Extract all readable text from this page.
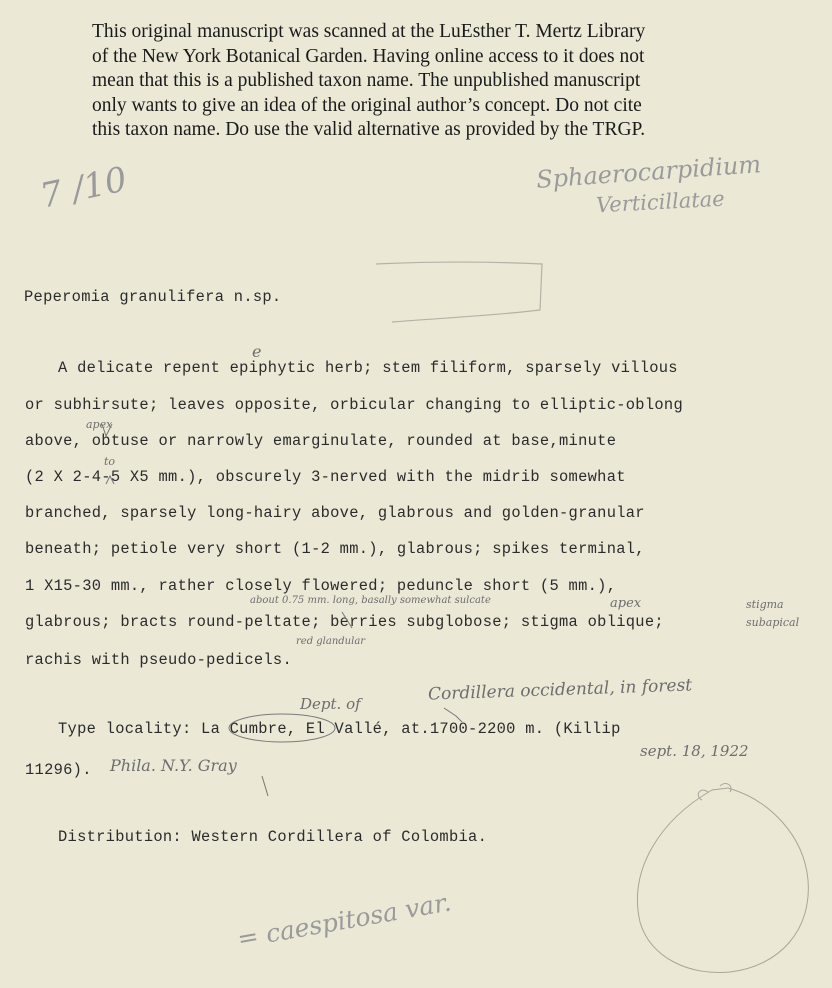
This original manuscript was scanned at the LuEsther T. Mertz Library
of the New York Botanical Garden. Having online access to it does not
mean that this is a published taxon name. The unpublished manuscript
only wants to give an idea of the original author’s concept. Do not cite
this taxon name. Do use the valid alternative as provided by the TRGP.
7 /10	Sphaerocarpidium
Verticillatae
Peperomia granulifera n.sp.
A delicate repent epiphytic herb; stem filiform, sparsely villous
or subhirsute; leaves opposite, orbicular changing to elliptic-oblong
above, obtuse or narrowly emarginulate, rounded at base,minute
(2 X 2-4-5 X5 mm.), obscurely 3-nerved with the midrib somewhat
branched, sparsely long-hairy above, glabrous and golden-granular
beneath; petiole very short (1-2 mm.), glabrous; spikes terminal,
1 X15-30 mm., rather closely flowered; peduncle short (5 mm.),
glabrous; bracts round-peltate; berries subglobose; stigma oblique;
rachis with pseudo-pedicels.
e
apex
to
about 0.75 mm. long, basally somewhat sulcate
red glandular
apex	stigma subapical
Dept. of	Cordillera occidental, in forest
Type locality: La Cumbre, El Vallé, at.1700-2200 m. (Killip
sept. 18, 1922
11296). Phila. N.Y. Gray
Distribution: Western Cordillera of Colombia.
= caespitosa var.
